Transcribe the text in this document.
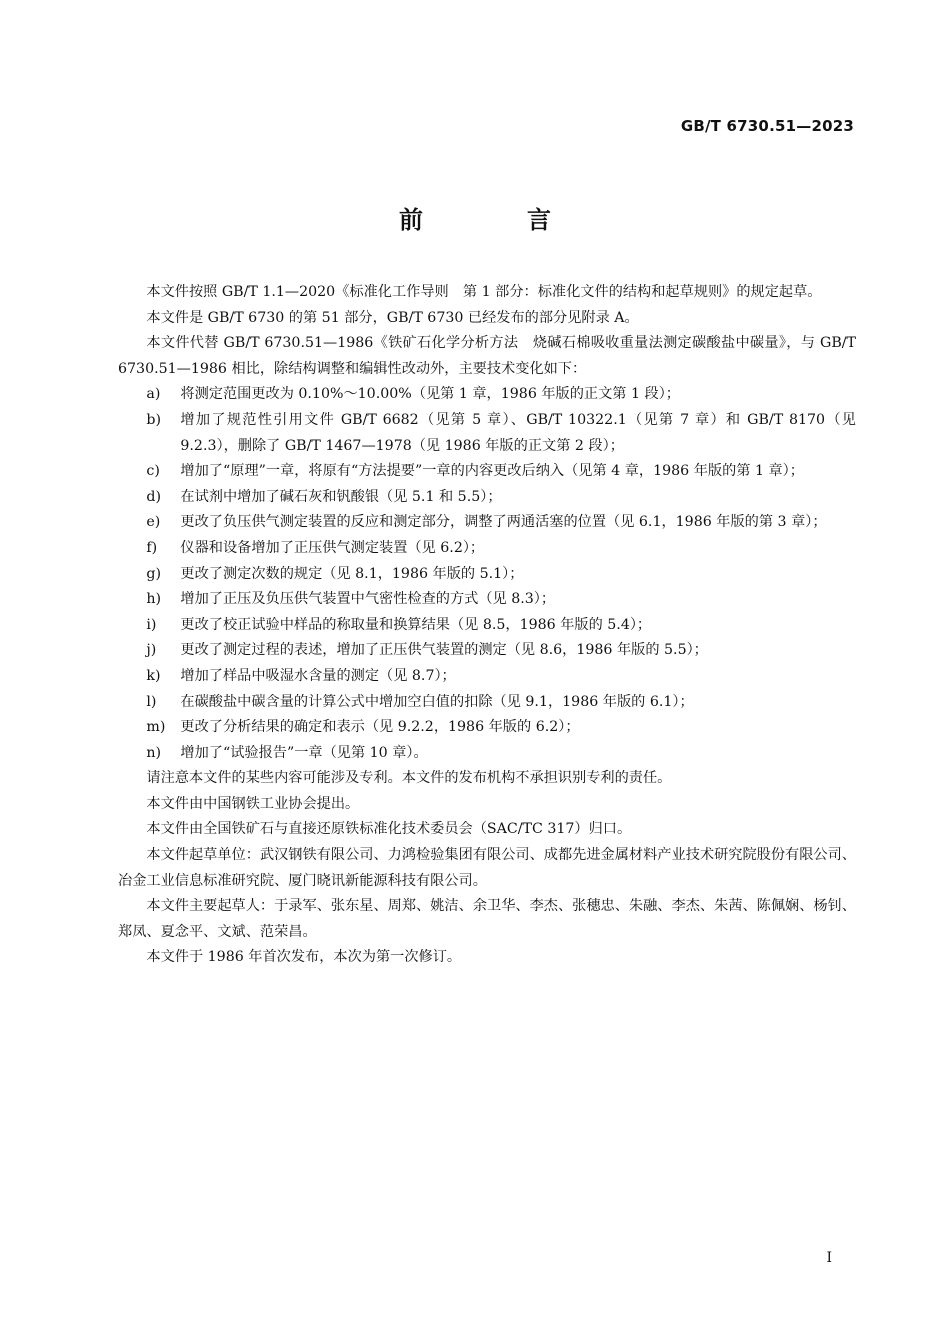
GB/T 6730.51—2023
前　言

本文件按照 GB/T 1.1—2020《标准化工作导则　第 1 部分：标准化文件的结构和起草规则》的规定起草。

本文件是 GB/T 6730 的第 51 部分，GB/T 6730 已经发布的部分见附录 A。

本文件代替 GB/T 6730.51—1986《铁矿石化学分析方法　烧碱石棉吸收重量法测定碳酸盐中碳量》，与 GB/T 6730.51—1986 相比，除结构调整和编辑性改动外，主要技术变化如下：

a)	将测定范围更改为 0.10%～10.00%（见第 1 章，1986 年版的正文第 1 段）；
b)	增加了规范性引用文件 GB/T 6682（见第 5 章）、GB/T 10322.1（见第 7 章）和 GB/T 8170（见 9.2.3），删除了 GB/T 1467—1978（见 1986 年版的正文第 2 段）；
c)	增加了“原理”一章，将原有“方法提要”一章的内容更改后纳入（见第 4 章，1986 年版的第 1 章）；
d)	在试剂中增加了碱石灰和钒酸银（见 5.1 和 5.5）；
e)	更改了负压供气测定装置的反应和测定部分，调整了两通活塞的位置（见 6.1，1986 年版的第 3 章）；
f)	仪器和设备增加了正压供气测定装置（见 6.2）；
g)	更改了测定次数的规定（见 8.1，1986 年版的 5.1）；
h)	增加了正压及负压供气装置中气密性检查的方式（见 8.3）；
i)	更改了校正试验中样品的称取量和换算结果（见 8.5，1986 年版的 5.4）；
j)	更改了测定过程的表述，增加了正压供气装置的测定（见 8.6，1986 年版的 5.5）；
k)	增加了样品中吸湿水含量的测定（见 8.7）；
l)	在碳酸盐中碳含量的计算公式中增加空白值的扣除（见 9.1，1986 年版的 6.1）；
m)	更改了分析结果的确定和表示（见 9.2.2，1986 年版的 6.2）；
n)	增加了“试验报告”一章（见第 10 章）。

请注意本文件的某些内容可能涉及专利。本文件的发布机构不承担识别专利的责任。

本文件由中国钢铁工业协会提出。

本文件由全国铁矿石与直接还原铁标准化技术委员会（SAC/TC 317）归口。

本文件起草单位：武汉钢铁有限公司、力鸿检验集团有限公司、成都先进金属材料产业技术研究院股份有限公司、冶金工业信息标准研究院、厦门晓讯新能源科技有限公司。

本文件主要起草人：于录军、张东星、周郑、姚洁、余卫华、李杰、张穗忠、朱融、李杰、朱茜、陈佩娴、杨钊、郑凤、夏念平、文斌、范荣昌。

本文件于 1986 年首次发布，本次为第一次修订。

I
